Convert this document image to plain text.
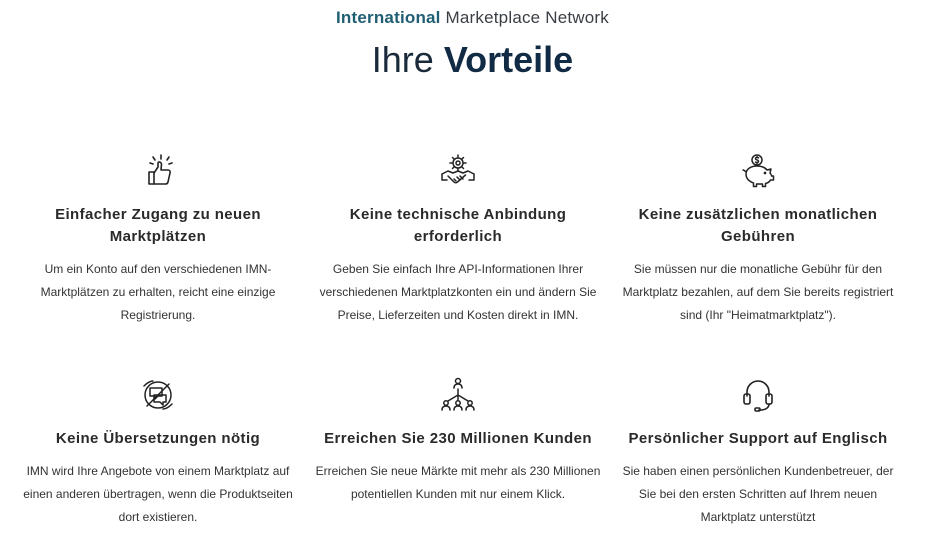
International Marketplace Network
Ihre Vorteile
Einfacher Zugang zu neuen Marktplätzen

Um ein Konto auf den verschiedenen IMN-Marktplätzen zu erhalten, reicht eine einzige Registrierung.

Keine technische Anbindung erforderlich

Geben Sie einfach Ihre API-Informationen Ihrer verschiedenen Marktplatzkonten ein und ändern Sie Preise, Lieferzeiten und Kosten direkt in IMN.

Keine zusätzlichen monatlichen Gebühren

Sie müssen nur die monatliche Gebühr für den Marktplatz bezahlen, auf dem Sie bereits registriert sind (Ihr "Heimatmarktplatz").

Keine Übersetzungen nötig

IMN wird Ihre Angebote von einem Marktplatz auf einen anderen übertragen, wenn die Produktseiten dort existieren.

Erreichen Sie 230 Millionen Kunden

Erreichen Sie neue Märkte mit mehr als 230 Millionen potentiellen Kunden mit nur einem Klick.

Persönlicher Support auf Englisch

Sie haben einen persönlichen Kundenbetreuer, der Sie bei den ersten Schritten auf Ihrem neuen Marktplatz unterstützt
